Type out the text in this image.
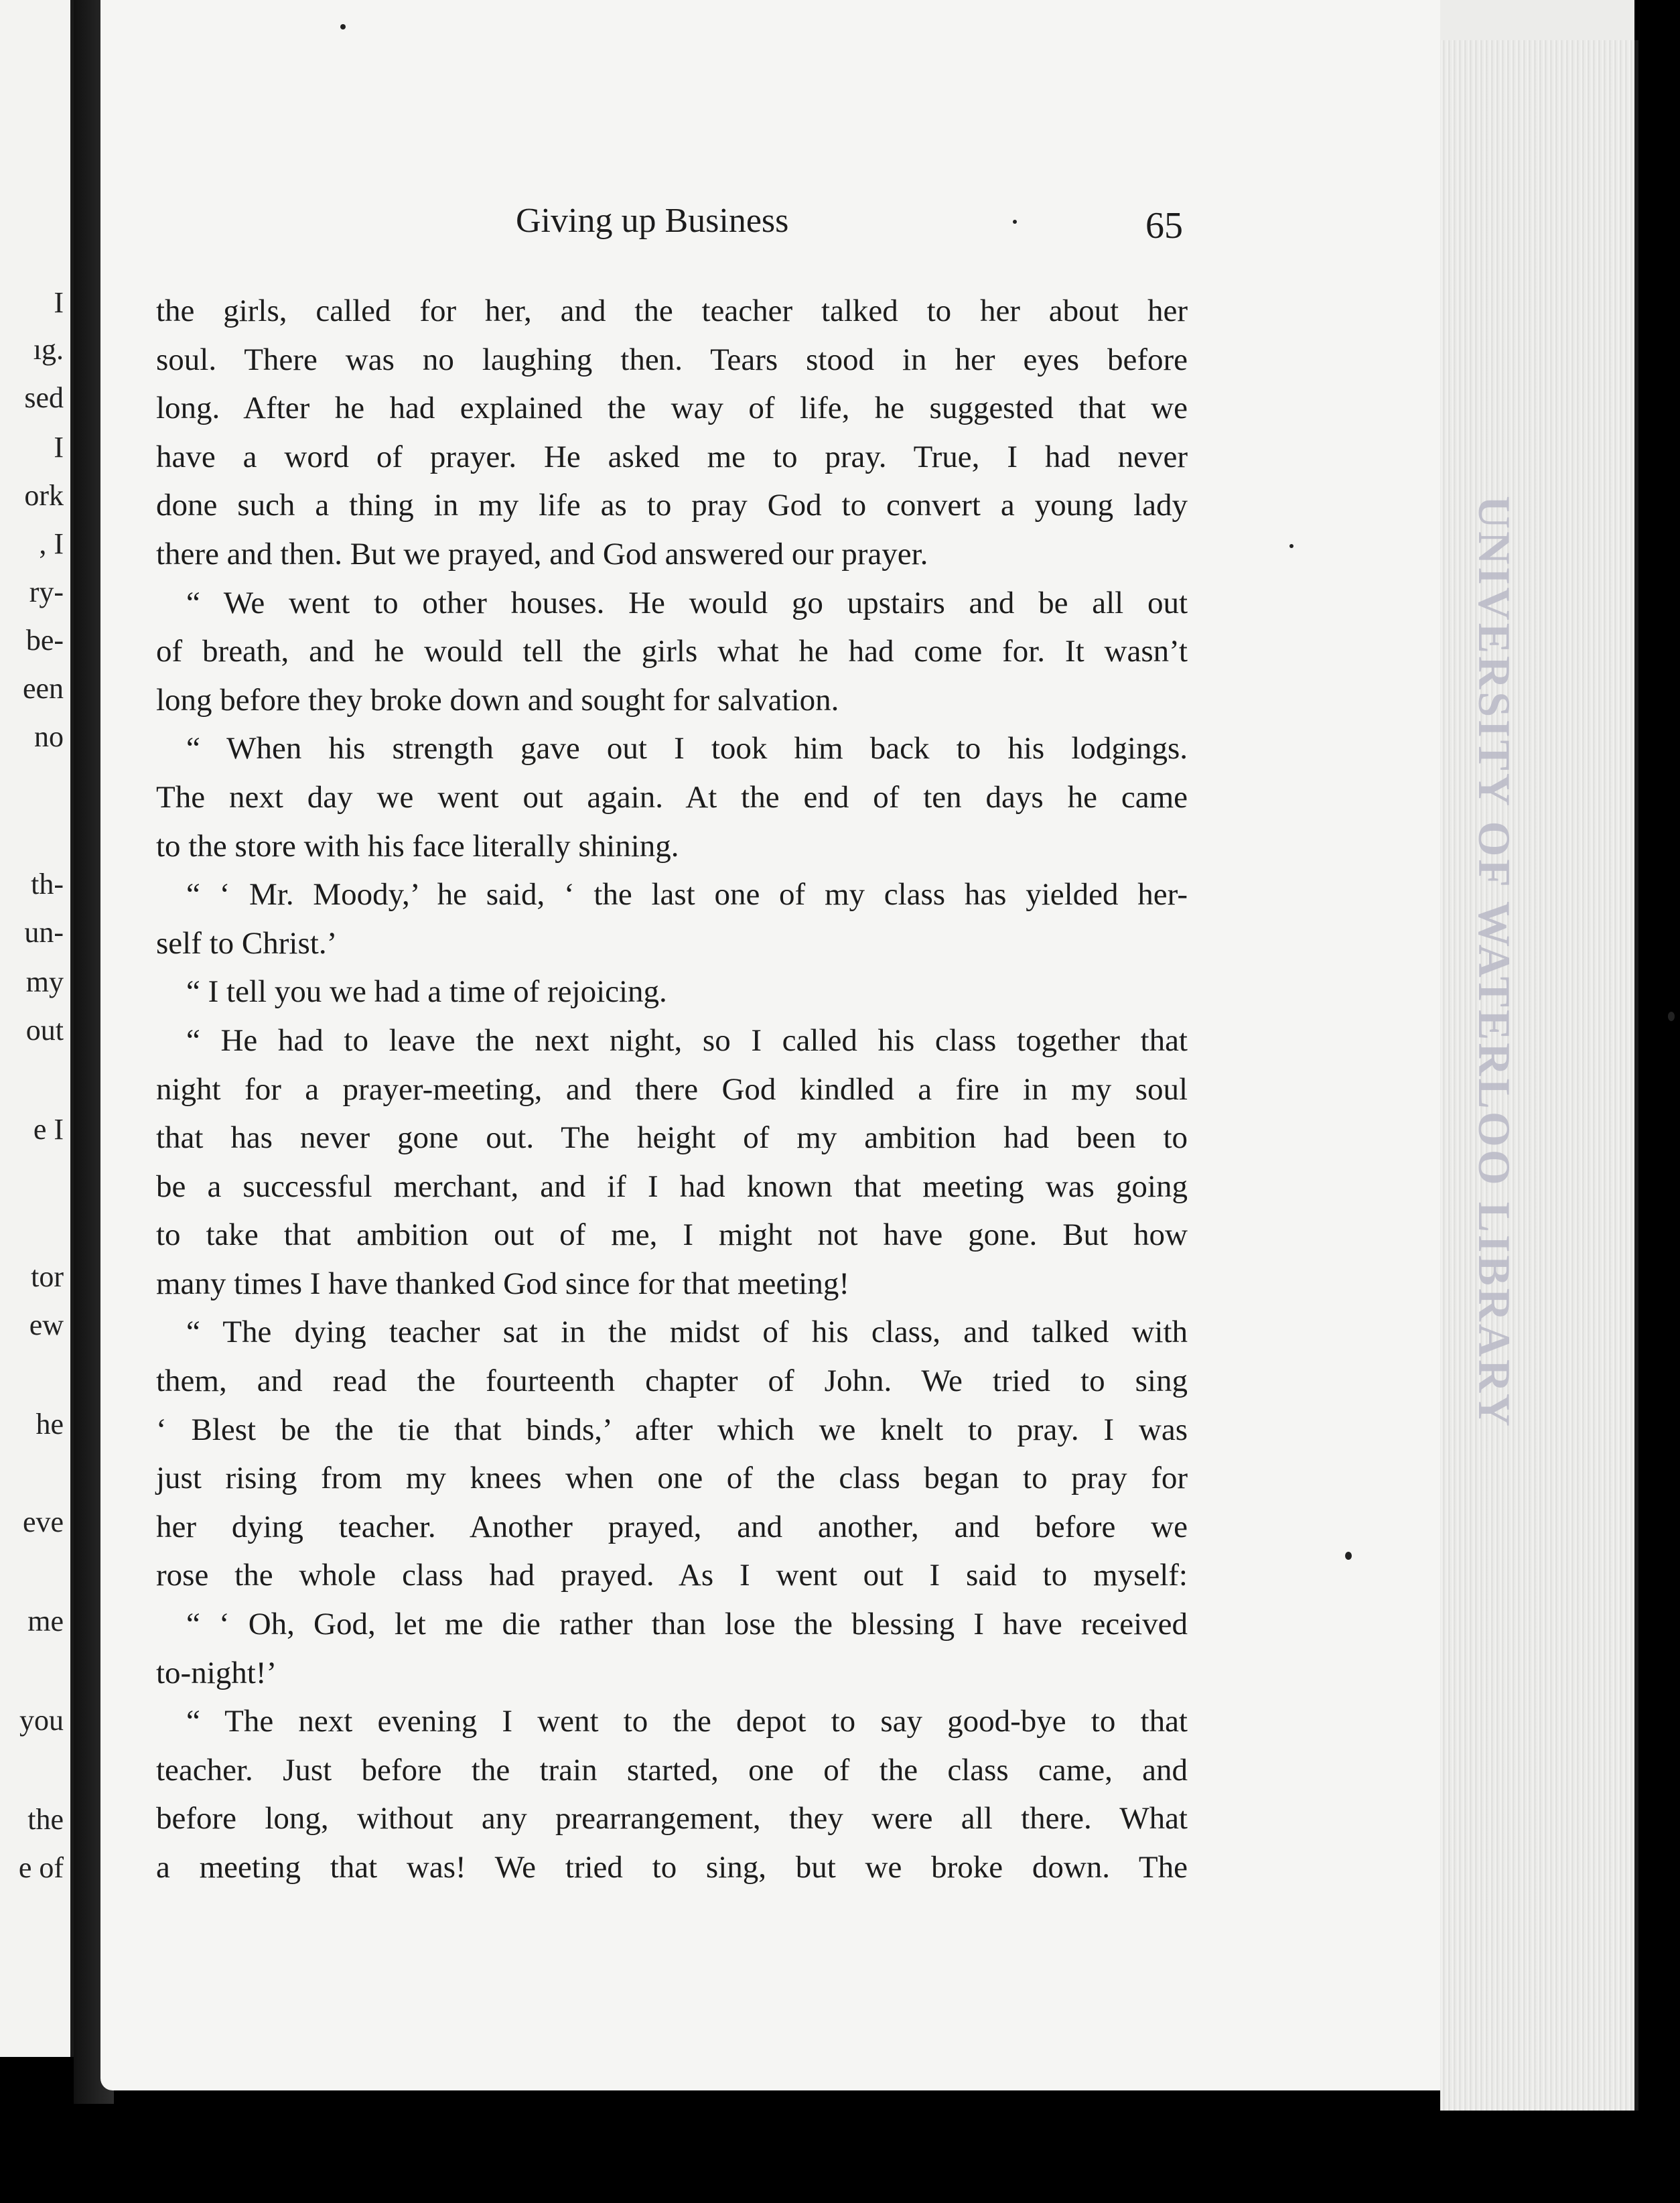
I
ıg.
sed
I
ork
, I
ry-
be-
een
no
th-
un-
my
out
e I
tor
ew
he
eve
me
you
the
e of
UNIVERSITY OF WATERLOO LIBRARY
Giving up Business	65
the girls, called for her, and the teacher talked to her about her
soul. There was no laughing then. Tears stood in her eyes before
long. After he had explained the way of life, he suggested that we
have a word of prayer. He asked me to pray. True, I had never
done such a thing in my life as to pray God to convert a young lady
there and then. But we prayed, and God answered our prayer.
“ We went to other houses. He would go upstairs and be all out
of breath, and he would tell the girls what he had come for. It wasn’t
long before they broke down and sought for salvation.
“ When his strength gave out I took him back to his lodgings.
The next day we went out again. At the end of ten days he came
to the store with his face literally shining.
“ ‘ Mr. Moody,’ he said, ‘ the last one of my class has yielded her-
self to Christ.’
“ I tell you we had a time of rejoicing.
“ He had to leave the next night, so I called his class together that
night for a prayer-meeting, and there God kindled a fire in my soul
that has never gone out. The height of my ambition had been to
be a successful merchant, and if I had known that meeting was going
to take that ambition out of me, I might not have gone. But how
many times I have thanked God since for that meeting!
“ The dying teacher sat in the midst of his class, and talked with
them, and read the fourteenth chapter of John. We tried to sing
‘ Blest be the tie that binds,’ after which we knelt to pray. I was
just rising from my knees when one of the class began to pray for
her dying teacher. Another prayed, and another, and before we
rose the whole class had prayed. As I went out I said to myself:
“ ‘ Oh, God, let me die rather than lose the blessing I have received
to-night!’
“ The next evening I went to the depot to say good-bye to that
teacher. Just before the train started, one of the class came, and
before long, without any prearrangement, they were all there. What
a meeting that was! We tried to sing, but we broke down. The
